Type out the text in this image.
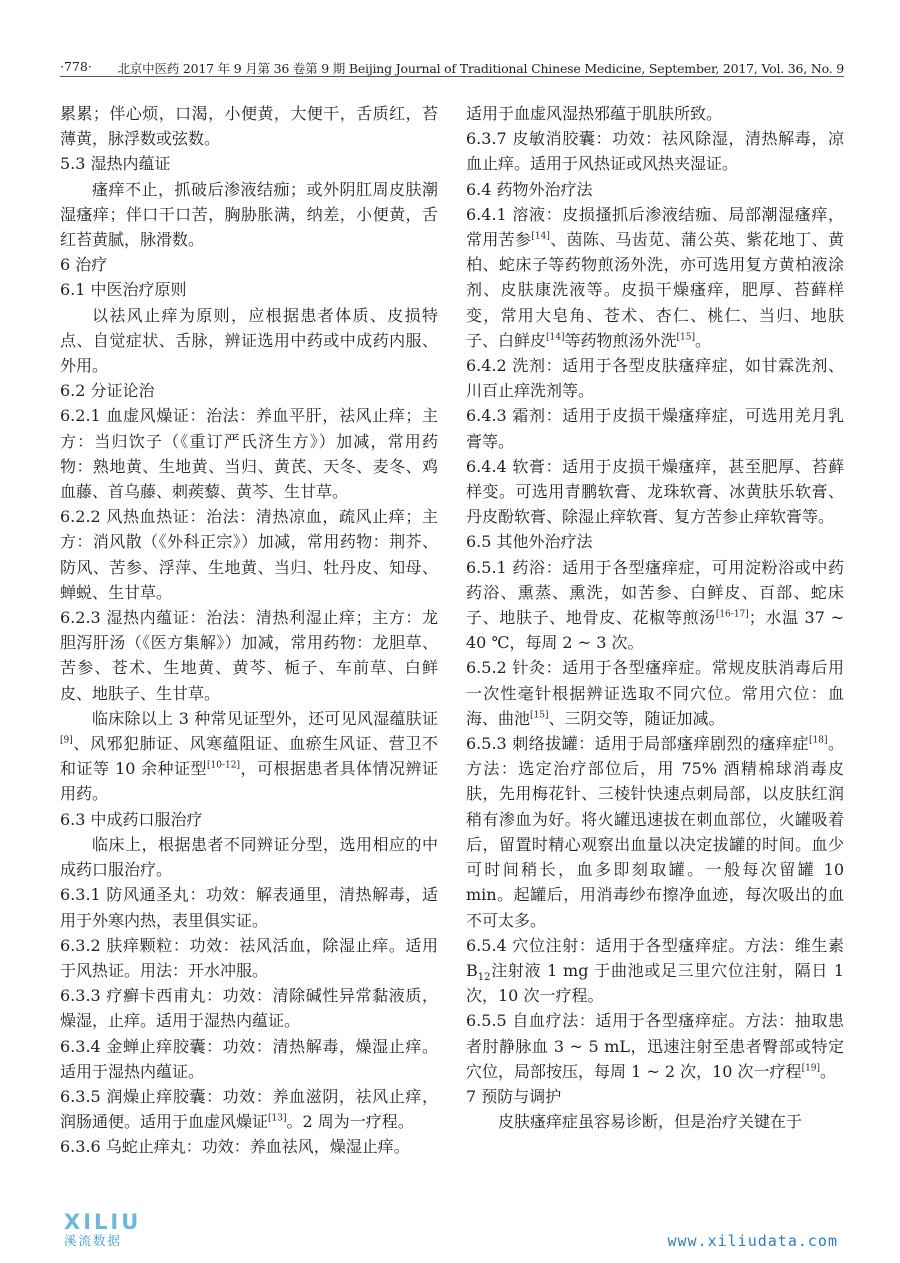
·778· 北京中医药 2017 年 9 月第 36 卷第 9 期 Beijing Journal of Traditional Chinese Medicine, September, 2017, Vol. 36, No. 9

累累；伴心烦，口渴，小便黄，大便干，舌质红，苔薄黄，脉浮数或弦数。

5.3 湿热内蕴证

瘙痒不止，抓破后渗液结痂；或外阴肛周皮肤潮湿瘙痒；伴口干口苦，胸胁胀满，纳差，小便黄，舌红苔黄腻，脉滑数。

6 治疗

6.1 中医治疗原则

以祛风止痒为原则，应根据患者体质、皮损特点、自觉症状、舌脉，辨证选用中药或中成药内服、外用。

6.2 分证论治

6.2.1 血虚风燥证：治法：养血平肝，祛风止痒；主方：当归饮子（《重订严氏济生方》）加减，常用药物：熟地黄、生地黄、当归、黄芪、天冬、麦冬、鸡血藤、首乌藤、刺蒺藜、黄芩、生甘草。

6.2.2 风热血热证：治法：清热凉血，疏风止痒；主方：消风散（《外科正宗》）加减，常用药物：荆芥、防风、苦参、浮萍、生地黄、当归、牡丹皮、知母、蝉蜕、生甘草。

6.2.3 湿热内蕴证：治法：清热利湿止痒；主方：龙胆泻肝汤（《医方集解》）加减，常用药物：龙胆草、苦参、苍术、生地黄、黄芩、栀子、车前草、白鲜皮、地肤子、生甘草。

临床除以上 3 种常见证型外，还可见风湿蕴肤证[9]、风邪犯肺证、风寒蕴阻证、血瘀生风证、营卫不和证等 10 余种证型[10-12]，可根据患者具体情况辨证用药。

6.3 中成药口服治疗

临床上，根据患者不同辨证分型，选用相应的中成药口服治疗。

6.3.1 防风通圣丸：功效：解表通里，清热解毒，适用于外寒内热，表里俱实证。

6.3.2 肤痒颗粒：功效：祛风活血，除湿止痒。适用于风热证。用法：开水冲服。

6.3.3 疗癣卡西甫丸：功效：清除碱性异常黏液质，燥湿，止痒。适用于湿热内蕴证。

6.3.4 金蝉止痒胶囊：功效：清热解毒，燥湿止痒。适用于湿热内蕴证。

6.3.5 润燥止痒胶囊：功效：养血滋阴，祛风止痒，润肠通便。适用于血虚风燥证[13]。2 周为一疗程。

6.3.6 乌蛇止痒丸：功效：养血祛风，燥湿止痒。

适用于血虚风湿热邪蕴于肌肤所致。

6.3.7 皮敏消胶囊：功效：祛风除湿，清热解毒，凉血止痒。适用于风热证或风热夹湿证。

6.4 药物外治疗法

6.4.1 溶液：皮损搔抓后渗液结痂、局部潮湿瘙痒，常用苦参[14]、茵陈、马齿苋、蒲公英、紫花地丁、黄柏、蛇床子等药物煎汤外洗，亦可选用复方黄柏液涂剂、皮肤康洗液等。皮损干燥瘙痒，肥厚、苔藓样变，常用大皂角、苍术、杏仁、桃仁、当归、地肤子、白鲜皮[14]等药物煎汤外洗[15]。

6.4.2 洗剂：适用于各型皮肤瘙痒症，如甘霖洗剂、川百止痒洗剂等。

6.4.3 霜剂：适用于皮损干燥瘙痒症，可选用羌月乳膏等。

6.4.4 软膏：适用于皮损干燥瘙痒，甚至肥厚、苔藓样变。可选用青鹏软膏、龙珠软膏、冰黄肤乐软膏、丹皮酚软膏、除湿止痒软膏、复方苦参止痒软膏等。

6.5 其他外治疗法

6.5.1 药浴：适用于各型瘙痒症，可用淀粉浴或中药药浴、熏蒸、熏洗，如苦参、白鲜皮、百部、蛇床子、地肤子、地骨皮、花椒等煎汤[16-17]；水温 37 ~ 40 ℃，每周 2 ~ 3 次。

6.5.2 针灸：适用于各型瘙痒症。常规皮肤消毒后用一次性毫针根据辨证选取不同穴位。常用穴位：血海、曲池[15]、三阴交等，随证加减。

6.5.3 刺络拔罐：适用于局部瘙痒剧烈的瘙痒症[18]。方法：选定治疗部位后，用 75% 酒精棉球消毒皮肤，先用梅花针、三棱针快速点刺局部，以皮肤红润稍有渗血为好。将火罐迅速拔在刺血部位，火罐吸着后，留置时精心观察出血量以决定拔罐的时间。血少可时间稍长，血多即刻取罐。一般每次留罐 10 min。起罐后，用消毒纱布擦净血迹，每次吸出的血不可太多。

6.5.4 穴位注射：适用于各型瘙痒症。方法：维生素 $B_{12}$注射液 1 mg 于曲池或足三里穴位注射，隔日 1 次，10 次一疗程。

6.5.5 自血疗法：适用于各型瘙痒症。方法：抽取患者肘静脉血 3 ~ 5 mL，迅速注射至患者臀部或特定穴位，局部按压，每周 1 ~ 2 次，10 次一疗程[19]。

7 预防与调护

皮肤瘙痒症虽容易诊断，但是治疗关键在于

XILIU
溪流数据	www.xiliudata.com
